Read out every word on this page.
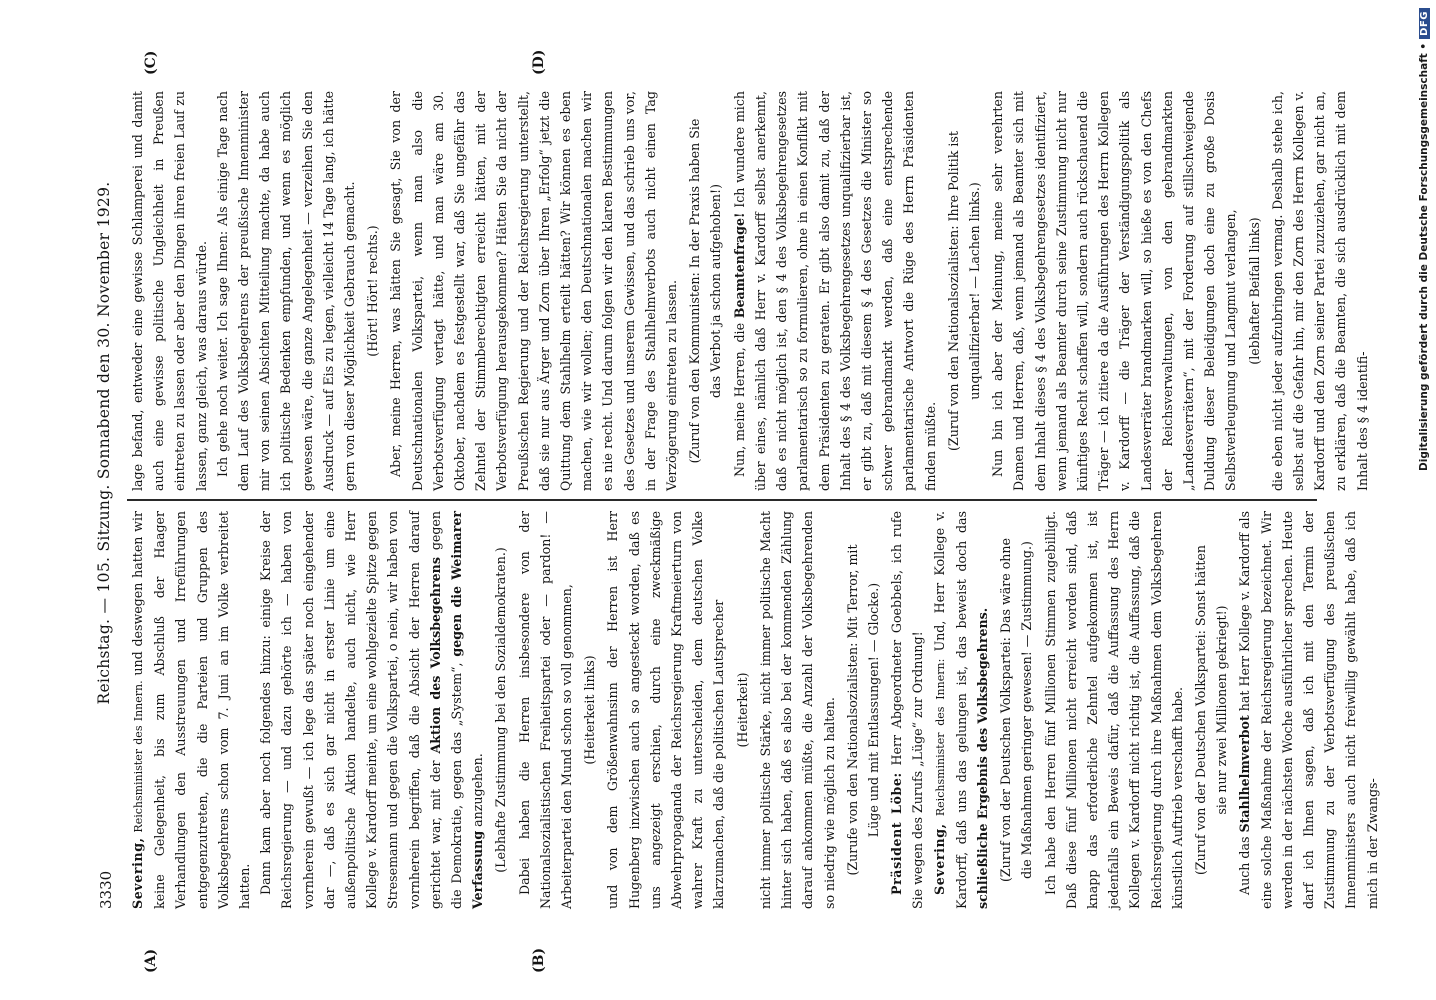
3330
Reichstag. — 105. Sitzung. Sonnabend den 30. November 1929.
(A)	(B)
(C)	(D)

Severing, Reichsminister des Innern. und deswegen hatten wir keine Gelegenheit, bis zum Abschluß der Haager Verhandlungen den Ausstreuungen und Irreführungen entgegenzutreten, die die Parteien und Gruppen des Volksbegehrens schon vom 7. Juni an im Volke verbreitet hatten. Dann kam aber noch folgendes hinzu: einige Kreise der Reichsregierung — und dazu gehörte ich — haben von vornherein gewußt — ich lege das später noch eingehender dar —, daß es sich gar nicht in erster Linie um eine außenpolitische Aktion handelte, auch nicht, wie Herr Kollege v. Kardorff meinte, um eine wohlgezielte Spitze gegen Stresemann und gegen die Volkspartei, o nein, wir haben von vornherein begriffen, daß die Absicht der Herren darauf gerichtet war, mit der Aktion des Volksbegehrens gegen die Demokratie, gegen das „System“, gegen die Weimarer Verfassung anzugehen. (Lebhafte Zustimmung bei den Sozialdemokraten.) Dabei haben die Herren insbesondere von der Nationalsozialistischen Freiheitspartei oder — pardon! — Arbeiterpartei den Mund schon so voll genommen, (Heiterkeit links) und von dem Größenwahnsinn der Herren ist Herr Hugenberg inzwischen auch so angesteckt worden, daß es uns angezeigt erschien, durch eine zweckmäßige Abwehrpropaganda der Reichsregierung Kraftmeierturn von wahrer Kraft zu unterscheiden, dem deutschen Volke klarzumachen, daß die politischen Lautsprecher (Heiterkeit) nicht immer politische Stärke, nicht immer politische Macht hinter sich haben, daß es also bei der kommenden Zählung darauf ankommen müßte, die Anzahl der Volksbegehrenden so niedrig wie möglich zu halten. (Zurufe von den Nationalsozialisten: Mit Terror, mit Lüge und mit Entlassungen! — Glocke.) Präsident Löbe: Herr Abgeordneter Goebbels, ich rufe Sie wegen des Zurufs „Lüge“ zur Ordnung! Severing, Reichsminister des Innern: Und, Herr Kollege v. Kardorff, daß uns das gelungen ist, das beweist doch das schließliche Ergebnis des Volksbegehrens. (Zuruf von der Deutschen Volkspartei: Das wäre ohne die Maßnahmen geringer gewesen! — Zustimmung.) Ich habe den Herren fünf Millionen Stimmen zugebilligt. Daß diese fünf Millionen nicht erreicht worden sind, daß knapp das erforderliche Zehntel aufgekommen ist, ist jedenfalls ein Beweis dafür, daß die Auffassung des Herrn Kollegen v. Kardorff nicht richtig ist, die Auffassung, daß die Reichsregierung durch ihre Maßnahmen dem Volksbegehren künstlich Auftrieb verschafft habe. (Zuruf von der Deutschen Volkspartei: Sonst hätten sie nur zwei Millionen gekriegt!)

Auch das Stahlhelmverbot hat Herr Kollege v. Kardorff als eine solche Maßnahme der Reichsregierung bezeichnet. Wir werden in der nächsten Woche ausführlicher sprechen. Heute darf ich Ihnen sagen, daß ich mit den Termin der Zustimmung zu der Verbotsverfügung des preußischen Innenministers auch nicht freiwillig gewählt habe, daß ich mich in der Zwangs-

lage befand, entweder eine gewisse Schlamperei und damit auch eine gewisse politische Ungleichheit in Preußen eintreten zu lassen oder aber den Dingen ihren freien Lauf zu lassen, ganz gleich, was daraus würde. Ich gehe noch weiter. Ich sage Ihnen: Als einige Tage nach dem Lauf des Volksbegehrens der preußische Innenminister mir von seinen Absichten Mitteilung machte, da habe auch ich politische Bedenken empfunden, und wenn es möglich gewesen wäre, die ganze Angelegenheit — verzeihen Sie den Ausdruck — auf Eis zu legen, vielleicht 14 Tage lang, ich hätte gern von dieser Möglichkeit Gebrauch gemacht. (Hört! Hört! rechts.) Aber, meine Herren, was hätten Sie gesagt, Sie von der Deutschnationalen Volkspartei, wenn man also die Verbotsverfügung vertagt hätte, und man wäre am 30. Oktober, nachdem es festgestellt war, daß Sie ungefähr das Zehntel der Stimmberechtigten erreicht hätten, mit der Verbotsverfügung herausgekommen? Hätten Sie da nicht der Preußischen Regierung und der Reichsregierung unterstellt, daß sie nur aus Ärger und Zorn über Ihren „Erfolg“ jetzt die Quittung dem Stahlhelm erteilt hätten? Wir können es eben machen, wie wir wollen; den Deutschnationalen machen wir es nie recht. Und darum folgen wir den klaren Bestimmungen des Gesetzes und unserem Gewissen, und das schrieb uns vor, in der Frage des Stahlhelmverbots auch nicht einen Tag Verzögerung eintreten zu lassen. (Zuruf von den Kommunisten: In der Praxis haben Sie das Verbot ja schon aufgehoben!)

Nun, meine Herren, die Beamtenfrage! Ich wundere mich über eines, nämlich daß Herr v. Kardorff selbst anerkennt, daß es nicht möglich ist, den § 4 des Volksbegehrengesetzes parlamentarisch so zu formulieren, ohne in einen Konflikt mit dem Präsidenten zu geraten. Er gibt also damit zu, daß der Inhalt des § 4 des Volksbegehrengesetzes unqualifizierbar ist, er gibt zu, daß mit diesem § 4 des Gesetzes die Minister so schwer gebrandmarkt werden, daß eine entsprechende parlamentarische Antwort die Rüge des Herrn Präsidenten finden müßte. (Zuruf von den Nationalsozialisten: Ihre Politik ist unqualifizierbar! — Lachen links.) Nun bin ich aber der Meinung, meine sehr verehrten Damen und Herren, daß, wenn jemand als Beamter sich mit dem Inhalt dieses § 4 des Volksbegehrengesetzes identifiziert, wenn jemand als Beamter durch seine Zustimmung nicht nur künftiges Recht schaffen will, sondern auch rückschauend die Träger — ich zitiere da die Ausführungen des Herrn Kollegen v. Kardorff — die Träger der Verständigungspolitik als Landesverräter brandmarken will, so hieße es von den Chefs der Reichsverwaltungen, von den gebrandmarkten „Landesverrätern“, mit der Forderung auf stillschweigende Duldung dieser Beleidigungen doch eine zu große Dosis Selbstverleugnung und Langmut verlangen, (lebhafter Beifall links) die eben nicht jeder aufzubringen vermag. Deshalb stehe ich, selbst auf die Gefahr hin, mir den Zorn des Herrn Kollegen v. Kardorff und den Zorn seiner Partei zuzuziehen, gar nicht an, zu erklären, daß die Beamten, die sich ausdrücklich mit dem Inhalt des § 4 identifi-	Digitalisierung gefördert durch die Deutsche Forschungsgemeinschaft •
DFG
